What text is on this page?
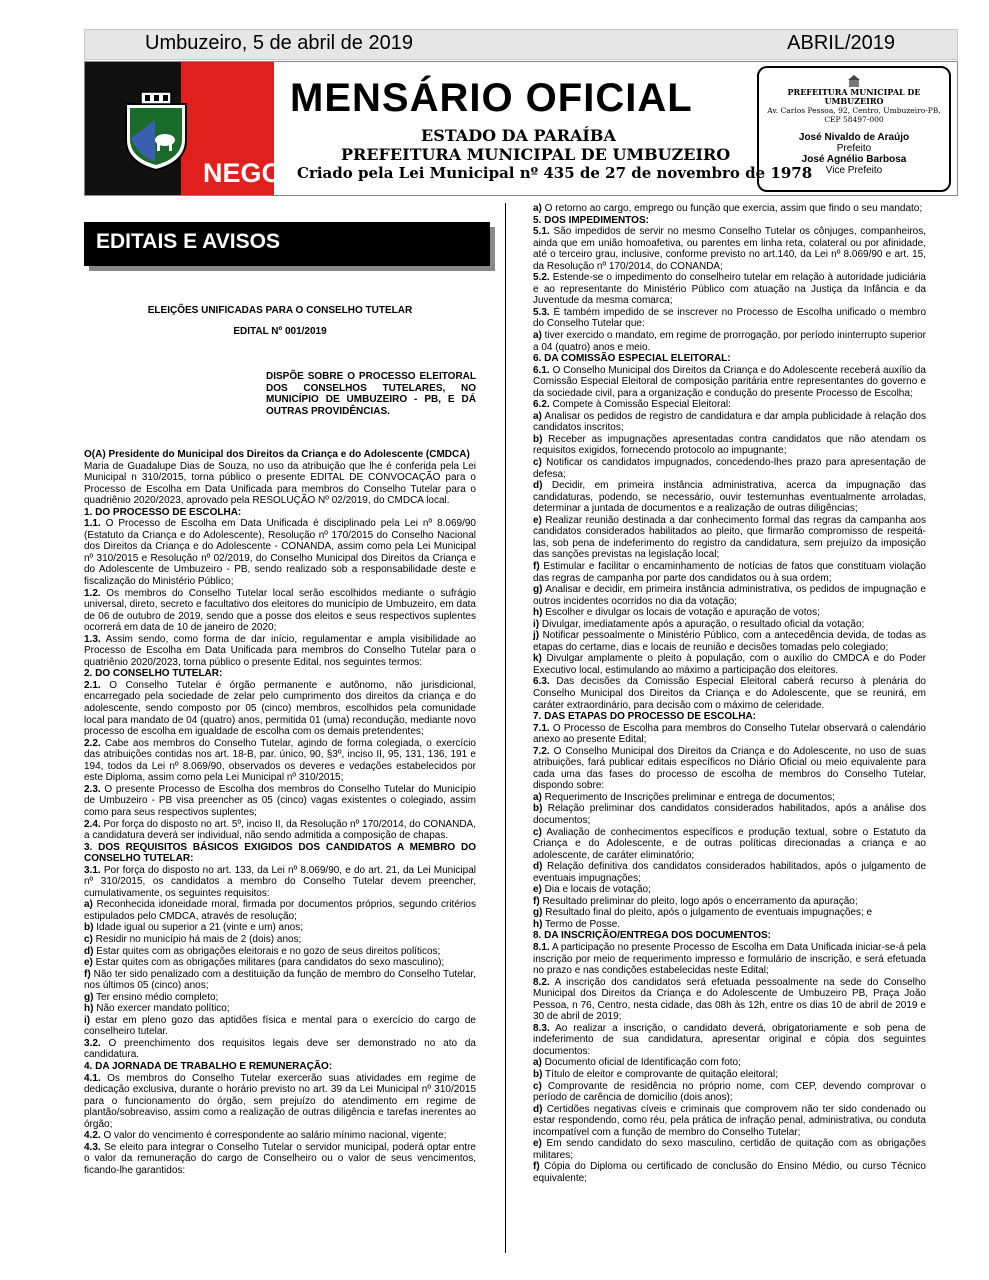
Umbuzeiro, 5 de abril de 2019	ABRIL/2019
NEGO
MENSÁRIO OFICIAL
ESTADO DA PARAÍBA
PREFEITURA MUNICIPAL DE UMBUZEIRO
Criado pela Lei Municipal nº 435 de 27 de novembro de 1978
PREFEITURA MUNICIPAL DE UMBUZEIRO
Av. Carlos Pessoa, 92, Centro, Umbuzeiro-PB, CEP 58497-000
José Nivaldo de Araújo
Prefeito
José Agnélio Barbosa
Vice Prefeito
EDITAIS E AVISOS
ELEIÇÕES UNIFICADAS PARA O CONSELHO TUTELAR
EDITAL Nº 001/2019
DISPÕE SOBRE O PROCESSO ELEITORAL DOS CONSELHOS TUTELARES, NO MUNICÍPIO DE UMBUZEIRO - PB, E DÁ OUTRAS PROVIDÊNCIAS.

O(A) Presidente do Municipal dos Direitos da Criança e do Adolescente (CMDCA)

Maria de Guadalupe Dias de Souza, no uso da atribuição que lhe é conferida pela Lei Municipal n 310/2015, torna público o presente EDITAL DE CONVOCAÇÃO para o Processo de Escolha em Data Unificada para membros do Conselho Tutelar para o quadriênio 2020/2023, aprovado pela RESOLUÇÃO Nº 02/2019, do CMDCA local.

1. DO PROCESSO DE ESCOLHA:

1.1. O Processo de Escolha em Data Unificada é disciplinado pela Lei nº 8.069/90 (Estatuto da Criança e do Adolescente), Resolução nº 170/2015 do Conselho Nacional dos Direitos da Criança e do Adolescente - CONANDA, assim como pela Lei Municipal nº 310/2015 e Resolução nº 02/2019, do Conselho Municipal dos Direitos da Criança e do Adolescente de Umbuzeiro - PB, sendo realizado sob a responsabilidade deste e fiscalização do Ministério Público;

1.2. Os membros do Conselho Tutelar local serão escolhidos mediante o sufrágio universal, direto, secreto e facultativo dos eleitores do município de Umbuzeiro, em data de 06 de outubro de 2019, sendo que a posse dos eleitos e seus respectivos suplentes ocorrerá em data de 10 de janeiro de 2020;

1.3. Assim sendo, como forma de dar início, regulamentar e ampla visibilidade ao Processo de Escolha em Data Unificada para membros do Conselho Tutelar para o quatriênio 2020/2023, torna público o presente Edital, nos seguintes termos:

2. DO CONSELHO TUTELAR:

2.1. O Conselho Tutelar é órgão permanente e autônomo, não jurisdicional, encarregado pela sociedade de zelar pelo cumprimento dos direitos da criança e do adolescente, sendo composto por 05 (cinco) membros, escolhidos pela comunidade local para mandato de 04 (quatro) anos, permitida 01 (uma) recondução, mediante novo processo de escolha em igualdade de escolha com os demais pretendentes;

2.2. Cabe aos membros do Conselho Tutelar, agindo de forma colegiada, o exercício das atribuições contidas nos art. 18-B, par. único, 90, §3º, inciso II, 95, 131, 136, 191 e 194, todos da Lei nº 8.069/90, observados os deveres e vedações estabelecidos por este Diploma, assim como pela Lei Municipal nº 310/2015;

2.3. O presente Processo de Escolha dos membros do Conselho Tutelar do Município de Umbuzeiro - PB visa preencher as 05 (cinco) vagas existentes o colegiado, assim como para seus respectivos suplentes;

2.4. Por força do disposto no art. 5º, inciso II, da Resolução nº 170/2014, do CONANDA, a candidatura deverá ser individual, não sendo admitida a composição de chapas.

3. DOS REQUISITOS BÁSICOS EXIGIDOS DOS CANDIDATOS A MEMBRO DO CONSELHO TUTELAR:

3.1. Por força do disposto no art. 133, da Lei nº 8.069/90, e do art. 21, da Lei Municipal nº 310/2015, os candidatos a membro do Conselho Tutelar devem preencher, cumulativamente, os seguintes requisitos:

a) Reconhecida idoneidade moral, firmada por documentos próprios, segundo critérios estipulados pelo CMDCA, através de resolução;

b) Idade igual ou superior a 21 (vinte e um) anos;

c) Residir no município há mais de 2 (dois) anos;

d) Estar quites com as obrigações eleitorais e no gozo de seus direitos políticos;

e) Estar quites com as obrigações militares (para candidatos do sexo masculino);

f) Não ter sido penalizado com a destituição da função de membro do Conselho Tutelar, nos últimos 05 (cinco) anos;

g) Ter ensino médio completo;

h) Não exercer mandato político;

i) estar em pleno gozo das aptidões física e mental para o exercício do cargo de conselheiro tutelar.

3.2. O preenchimento dos requisitos legais deve ser demonstrado no ato da candidatura.

4. DA JORNADA DE TRABALHO E REMUNERAÇÃO:

4.1. Os membros do Conselho Tutelar exercerão suas atividades em regime de dedicação exclusiva, durante o horário previsto no art. 39 da Lei Municipal nº 310/2015 para o funcionamento do órgão, sem prejuízo do atendimento em regime de plantão/sobreaviso, assim como a realização de outras diligência e tarefas inerentes ao órgão;

4.2. O valor do vencimento é correspondente ao salário mínimo nacional, vigente;

4.3. Se eleito para integrar o Conselho Tutelar o servidor municipal, poderá optar entre o valor da remuneração do cargo de Conselheiro ou o valor de seus vencimentos, ficando-lhe garantidos:

a) O retorno ao cargo, emprego ou função que exercia, assim que findo o seu mandato;

5. DOS IMPEDIMENTOS:

5.1. São impedidos de servir no mesmo Conselho Tutelar os cônjuges, companheiros, ainda que em união homoafetiva, ou parentes em linha reta, colateral ou por afinidade, até o terceiro grau, inclusive, conforme previsto no art.140, da Lei nº 8.069/90 e art. 15, da Resolução nº 170/2014, do CONANDA;

5.2. Estende-se o impedimento do conselheiro tutelar em relação à autoridade judiciária e ao representante do Ministério Público com atuação na Justiça da Infância e da Juventude da mesma comarca;

5.3. É também impedido de se inscrever no Processo de Escolha unificado o membro do Conselho Tutelar que:

a) tiver exercido o mandato, em regime de prorrogação, por período ininterrupto superior a 04 (quatro) anos e meio.

6. DA COMISSÃO ESPECIAL ELEITORAL:

6.1. O Conselho Municipal dos Direitos da Criança e do Adolescente receberá auxílio da Comissão Especial Eleitoral de composição paritária entre representantes do governo e da sociedade civil, para a organização e condução do presente Processo de Escolha;

6.2. Compete à Comissão Especial Eleitoral:

a) Analisar os pedidos de registro de candidatura e dar ampla publicidade à relação dos candidatos inscritos;

b) Receber as impugnações apresentadas contra candidatos que não atendam os requisitos exigidos, fornecendo protocolo ao impugnante;

c) Notificar os candidatos impugnados, concedendo-lhes prazo para apresentação de defesa;

d) Decidir, em primeira instância administrativa, acerca da impugnação das candidaturas, podendo, se necessário, ouvir testemunhas eventualmente arroladas, determinar a juntada de documentos e a realização de outras diligências;

e) Realizar reunião destinada a dar conhecimento formal das regras da campanha aos candidatos considerados habilitados ao pleito, que firmarão compromisso de respeitá-las, sob pena de indeferimento do registro da candidatura, sem prejuízo da imposição das sanções previstas na legislação local;

f) Estimular e facilitar o encaminhamento de notícias de fatos que constituam violação das regras de campanha por parte dos candidatos ou à sua ordem;

g) Analisar e decidir, em primeira instância administrativa, os pedidos de impugnação e outros incidentes ocorridos no dia da votação;

h) Escolher e divulgar os locais de votação e apuração de votos;

i) Divulgar, imediatamente após a apuração, o resultado oficial da votação;

j) Notificar pessoalmente o Ministério Público, com a antecedência devida, de todas as etapas do certame, dias e locais de reunião e decisões tomadas pelo colegiado;

k) Divulgar amplamente o pleito à população, com o auxílio do CMDCA e do Poder Executivo local, estimulando ao máximo a participação dos eleitores.

6.3. Das decisões da Comissão Especial Eleitoral caberá recurso à plenária do Conselho Municipal dos Direitos da Criança e do Adolescente, que se reunirá, em caráter extraordinário, para decisão com o máximo de celeridade.

7. DAS ETAPAS DO PROCESSO DE ESCOLHA:

7.1. O Processo de Escolha para membros do Conselho Tutelar observará o calendário anexo ao presente Edital;

7.2. O Conselho Municipal dos Direitos da Criança e do Adolescente, no uso de suas atribuições, fará publicar editais específicos no Diário Oficial ou meio equivalente para cada uma das fases do processo de escolha de membros do Conselho Tutelar, dispondo sobre:

a) Requerimento de Inscrições preliminar e entrega de documentos;

b) Relação preliminar dos candidatos considerados habilitados, após a análise dos documentos;

c) Avaliação de conhecimentos específicos e produção textual, sobre o Estatuto da Criança e do Adolescente, e de outras políticas direcionadas a criança e ao adolescente, de caráter eliminatório;

d) Relação definitiva dos candidatos considerados habilitados, após o julgamento de eventuais impugnações;

e) Dia e locais de votação;

f) Resultado preliminar do pleito, logo após o encerramento da apuração;

g) Resultado final do pleito, após o julgamento de eventuais impugnações; e

h) Termo de Posse.

8. DA INSCRIÇÃO/ENTREGA DOS DOCUMENTOS:

8.1. A participação no presente Processo de Escolha em Data Unificada iniciar-se-á pela inscrição por meio de requerimento impresso e formulário de inscrição, e será efetuada no prazo e nas condições estabelecidas neste Edital;

8.2. A inscrição dos candidatos será efetuada pessoalmente na sede do Conselho Municipal dos Direitos da Criança e do Adolescente de Umbuzeiro PB, Praça João Pessoa, n 76, Centro, nesta cidade, das 08h às 12h, entre os dias 10 de abril de 2019 e 30 de abril de 2019;

8.3. Ao realizar a inscrição, o candidato deverá, obrigatoriamente e sob pena de indeferimento de sua candidatura, apresentar original e cópia dos seguintes documentos:

a) Documento oficial de Identificação com foto;

b) Título de eleitor e comprovante de quitação eleitoral;

c) Comprovante de residência no próprio nome, com CEP, devendo comprovar o período de carência de domicílio (dois anos);

d) Certidões negativas cíveis e criminais que comprovem não ter sido condenado ou estar respondendo, como réu, pela prática de infração penal, administrativa, ou conduta incompatível com a função de membro do Conselho Tutelar;

e) Em sendo candidato do sexo masculino, certidão de quitação com as obrigações militares;

f) Cópia do Diploma ou certificado de conclusão do Ensino Médio, ou curso Técnico equivalente;
